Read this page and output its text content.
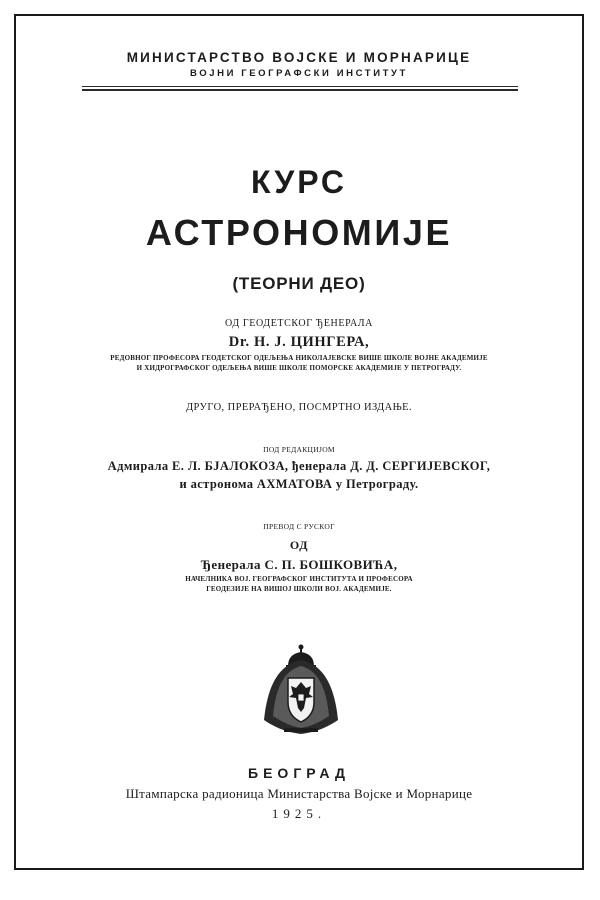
МИНИСТАРСТВО ВОЈСКЕ И МОРНАРИЦЕ
ВОЈНИ ГЕОГРАФСКИ ИНСТИТУТ
КУРС
АСТРОНОМИЈЕ
(ТЕОРНИ ДЕО)
ОД ГЕОДЕТСКОГ ЂЕНЕРАЛА
Dr. Н. Ј. ЦИНГЕРА,
РЕДОВНОГ ПРОФЕСОРА ГЕОДЕТСКОГ ОДЕЉЕЊА НИКОЛАЈЕВСКЕ ВИШЕ ШКОЛЕ ВОЈНЕ АКАДЕМИЈЕ
И ХИДРОГРАФСКОГ ОДЕЉЕЊА ВИШЕ ШКОЛЕ ПОМОРСКЕ АКАДЕМИЈЕ У ПЕТРОГРАДУ.
ДРУГО, ПРЕРАЂЕНО, ПОСМРТНО ИЗДАЊЕ.
ПОД РЕДАКЦИЈОМ
Адмирала Е. Л. БЈАЛОКОЗА, ђенерала Д. Д. СЕРГИЈЕВСКОГ,
и астронома АХМАТОВА у Петрограду.
ПРЕВОД С РУСКОГ
ОД
Ђенерала С. П. БОШКОВИЋА,
НАЧЕЛНИКА ВОЈ. ГЕОГРАФСКОГ ИНСТИТУТА И ПРОФЕСОРА
ГЕОДЕЗИЈЕ НА ВИШОЈ ШКОЛИ ВОЈ. АКАДЕМИЈЕ.
БЕОГРАД
Штампарска радионица Министарства Војске и Морнарице
1925.
